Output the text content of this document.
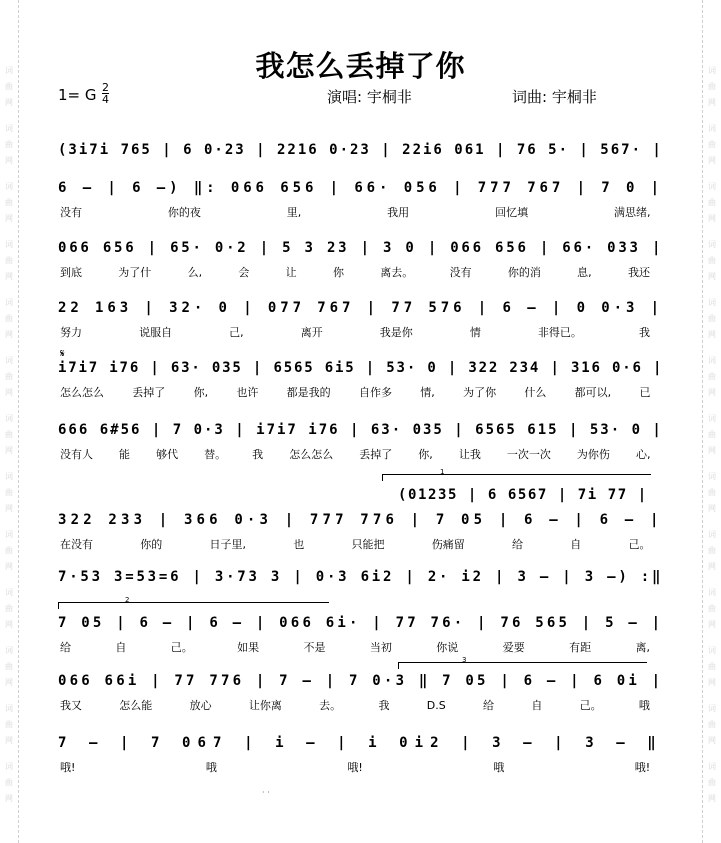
词
曲
网
词
曲
网
词
曲
网
词
曲
网
词
曲
网
词
曲
网
词
曲
网
词
曲
网
词
曲
网
词
曲
网
词
曲
网
词
曲
网
词
曲
网
词
曲
网
词
曲
网
词
曲
网
词
曲
网
词
曲
网
词
曲
网
词
曲
网
词
曲
网
词
曲
网
词
曲
网
词
曲
网
词
曲
网
词
曲
网
我怎么丢掉了你
1= G $\frac{2}{4}$	演唱: 宇桐非	词曲: 宇桐非
(3i7i 765 | 6 0·23 | 2216 0·23 | 22i6 061 | 76 5· | 567· |
6 – | 6 –) ‖: 066 656 | 66· 056 | 777 767 | 7 0 |
没有 你的夜 里, 我用 回忆填 满思绪,
066 656 | 65· 0·2 | 5 3 23 | 3 0 | 066 656 | 66· 033 |
到底 为了什 么, 会 让 你 离去。 没有 你的消 息, 我还
22 163 | 32· 0 | 077 767 | 77 576 | 6 – | 0 0·3 |
努力 说服自 己, 离开 我是你 情 非得已。 我
i7i7 i76 | 63· 035 | 6565 6i5 | 53· 0 | 322 234 | 316 0·6 |
怎么怎么 丢掉了 你, 也许 都是我的 自作多 情, 为了你 什么 都可以, 已
666 6#56 | 7 0·3 | i7i7 i76 | 63· 035 | 6565 615 | 53· 0 |
没有人 能 够代 替。 我 怎么怎么 丢掉了 你, 让我 一次一次 为你伤 心,
322 233 | 366 0·3 | 777 776 | 7 05 | 6 – | 6 – |
在没有 你的 日子里, 也 只能把 伤痛留 给 自 己。
7·53 3=53=6 | 3·73 3 | 0·3 6i2 | 2· i2 | 3 – | 3 –) :‖
7 05 | 6 – | 6 – | 066 6i· | 77 76· | 76 565 | 5 – |
给 自 己。 如果 不是 当初 你说 爱要 有距 离,
066 66i | 77 776 | 7 – | 7 0·3 ‖ 7 05 | 6 – | 6 0i |
我又 怎么能 放心 让你离 去。 我 D.S 给 自 己。 哦
7 – | 7 067 | i – | i 0i2 | 3 – | 3 – ‖
哦! 哦 哦! 哦 哦!
1
(01235 | 6 6567 | 7i 77 |
2
3
𝄋
· ·
